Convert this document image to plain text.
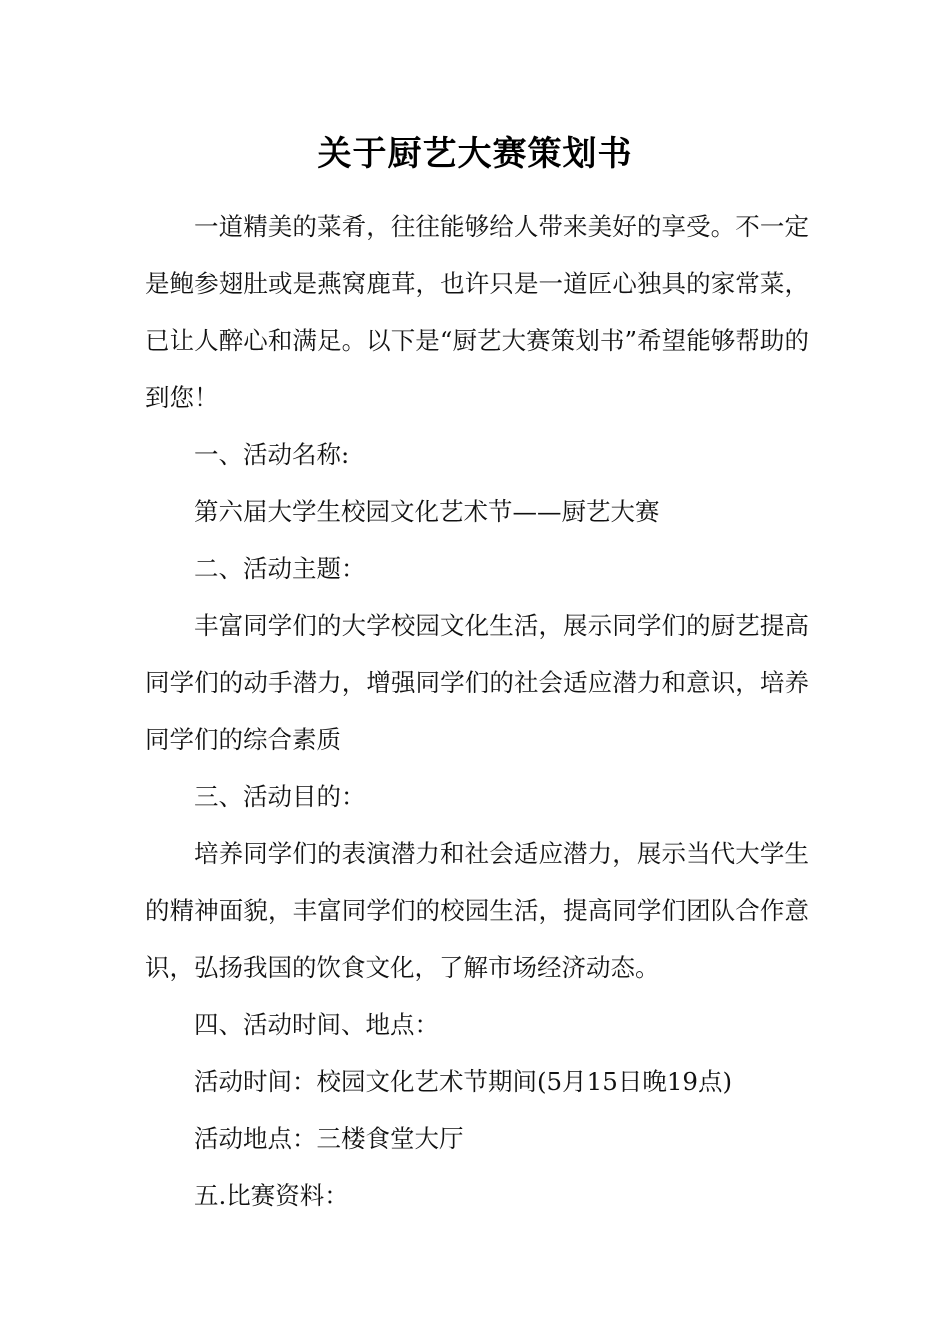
关于厨艺大赛策划书

一道精美的菜肴，往往能够给人带来美好的享受。不一定是鲍参翅肚或是燕窝鹿茸，也许只是一道匠心独具的家常菜，已让人醉心和满足。以下是“厨艺大赛策划书”希望能够帮助的到您！

一、活动名称:

第六届大学生校园文化艺术节——厨艺大赛

二、活动主题：

丰富同学们的大学校园文化生活，展示同学们的厨艺提高同学们的动手潜力，增强同学们的社会适应潜力和意识，培养同学们的综合素质

三、活动目的：

培养同学们的表演潜力和社会适应潜力，展示当代大学生的精神面貌，丰富同学们的校园生活，提高同学们团队合作意识，弘扬我国的饮食文化，了解市场经济动态。

四、活动时间、地点：

活动时间：校园文化艺术节期间(5月15日晚19点)

活动地点：三楼食堂大厅

五.比赛资料：
